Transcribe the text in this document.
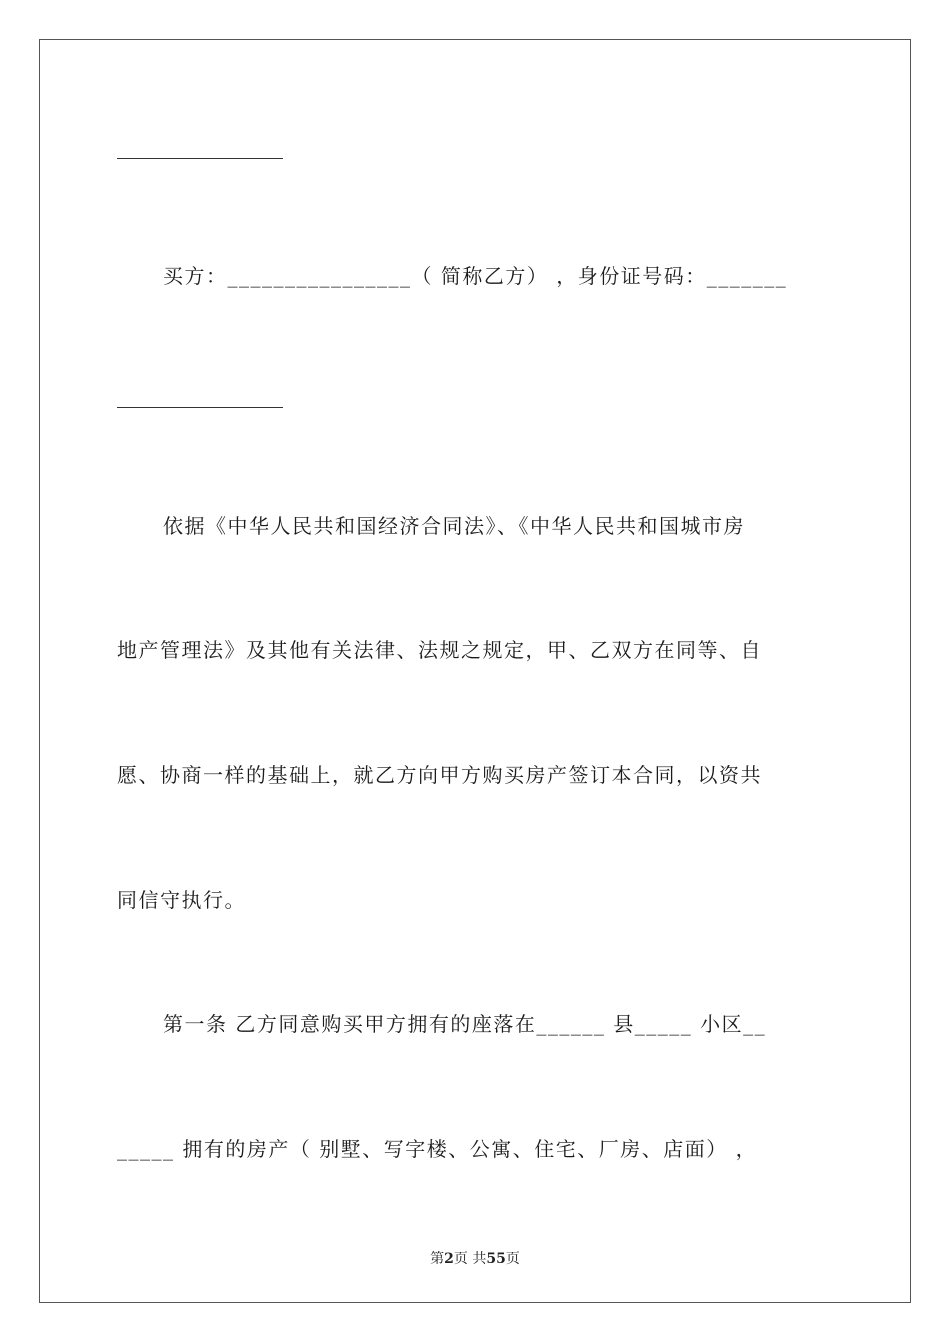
买方：________________（ 简称乙方） ，身份证号码：_______
依据《中华人民共和国经济合同法》、《中华人民共和国城市房
地产管理法》及其他有关法律、法规之规定，甲、乙双方在同等、自
愿、协商一样的基础上，就乙方向甲方购买房产签订本合同，以资共
同信守执行。
第一条 乙方同意购买甲方拥有的座落在______ 县_____ 小区__
_____ 拥有的房产（ 别墅、写字楼、公寓、住宅、厂房、店面） ，
第2页 共55页
